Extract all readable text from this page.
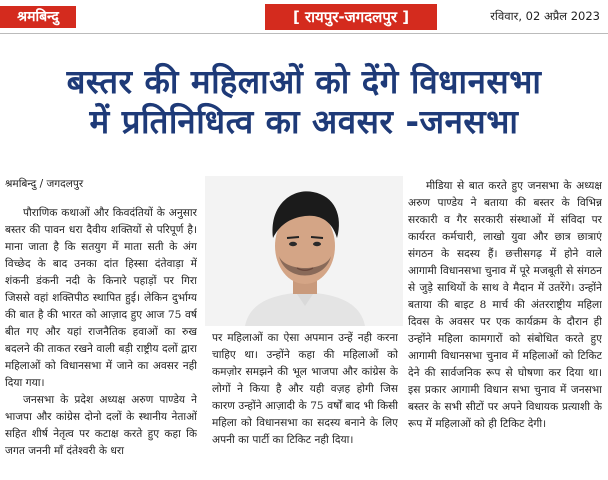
श्रमबिन्दु	[ रायपुर-जगदलपुर ]	रविवार, 02 अप्रैल 2023
बस्तर की महिलाओं को देंगे विधानसभा
में प्रतिनिधित्व का अवसर -जनसभा
श्रमबिन्दु / जगदलपुर

पौराणिक कथाओं और किवदंतियों के अनुसार बस्तर की पावन धरा दैवीय शक्तियों से परिपूर्ण है। माना जाता है कि सतयुग में माता सती के अंग विच्छेद के बाद उनका दांत हिस्सा दंतेवाड़ा में शंकनी डंकनी नदी के किनारे पहाड़ों पर गिरा जिससे वहां शक्तिपीठ स्थापित हुई। लेकिन दुर्भाग्य की बात है की भारत को आज़ाद हुए आज 75 वर्ष बीत गए और यहां राजनैतिक हवाओं का रुख बदलने की ताकत रखने वाली बड़ी राष्ट्रीय दलों द्वारा महिलाओं को विधानसभा में जाने का अवसर नही दिया गया।

जनसभा के प्रदेश अध्यक्ष अरुण पाण्डेय ने भाजपा और कांग्रेस दोनो दलों के स्थानीय नेताओं सहित शीर्ष नेतृत्व पर कटाक्ष करते हुए कहा कि जगत जननी माँ दंतेश्वरी के धरा

पर महिलाओं का ऐसा अपमान उन्हें नही करना चाहिए था। उन्होंने कहा की महिलाओं को कमज़ोर समझने की भूल भाजपा और कांग्रेस के लोगों ने किया है और यही वज़ह होगी जिस कारण उन्होंने आज़ादी के 75 वर्षों बाद भी किसी महिला को विधानसभा का सदस्य बनाने के लिए अपनी का पार्टी का टिकिट नही दिया।

मीडिया से बात करते हुए जनसभा के अध्यक्ष अरुण पाण्डेय ने बताया की बस्तर के विभिन्न सरकारी व गैर सरकारी संस्थाओं में संविदा पर कार्यरत कर्मचारी, लाखो युवा और छात्र छात्राएं संगठन के सदस्य हैं। छत्तीसगढ़ में होने वाले आगामी विधानसभा चुनाव में पूरे मजबूती से संगठन से जुड़े साथियों के साथ वे मैदान में उतरेंगे। उन्होंने बताया की बाइट 8 मार्च की अंतरराष्ट्रीय महिला दिवस के अवसर पर एक कार्यक्रम के दौरान ही उन्होंने महिला कामगारों को संबोधित करते हुए आगामी विधानसभा चुनाव में महिलाओं को टिकिट देने की सार्वजनिक रूप से घोषणा कर दिया था। इस प्रकार आगामी विधान सभा चुनाव में जनसभा बस्तर के सभी सीटों पर अपने विधायक प्रत्याशी के रूप में महिलाओं को ही टिकिट देगी।
